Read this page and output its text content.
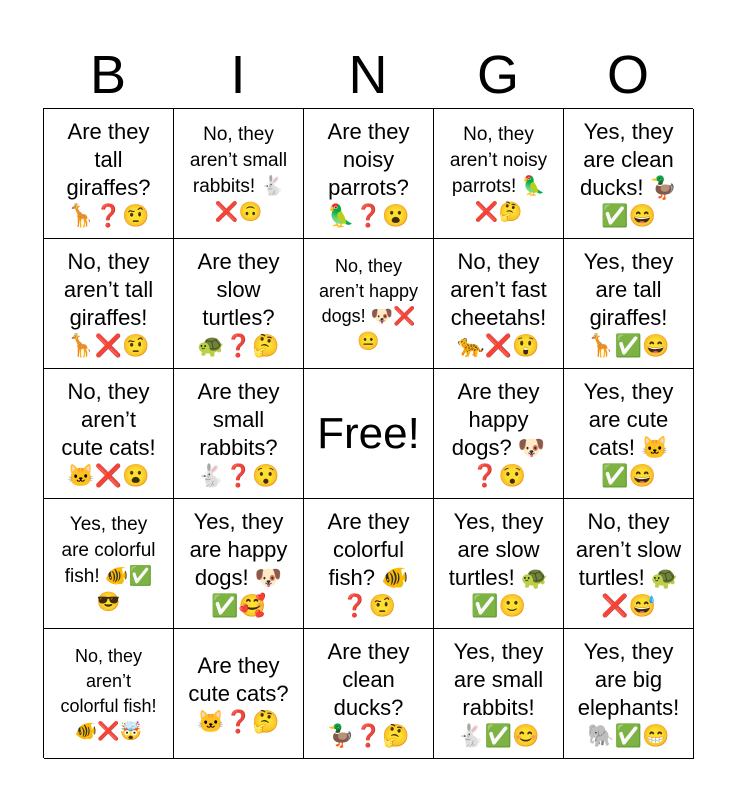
B	I	N	G	O
Are they
tall
giraffes?
🦒❓🤨
No, they
aren’t small
rabbits! 🐇
❌🙃
Are they
noisy
parrots?
🦜❓😮
No, they
aren’t noisy
parrots! 🦜
❌🤔
Yes, they
are clean
ducks! 🦆
✅😄
No, they
aren’t tall
giraffes!
🦒❌🤨
Are they
slow
turtles?
🐢❓🤔
No, they
aren’t happy
dogs! 🐶❌
😐
No, they
aren’t fast
cheetahs!
🐆❌😲
Yes, they
are tall
giraffes!
🦒✅😄
No, they
aren’t
cute cats!
🐱❌😮
Are they
small
rabbits?
🐇❓😯
Free!
Are they
happy
dogs? 🐶
❓😯
Yes, they
are cute
cats! 🐱
✅😄
Yes, they
are colorful
fish! 🐠✅
😎
Yes, they
are happy
dogs! 🐶
✅🥰
Are they
colorful
fish? 🐠
❓🤨
Yes, they
are slow
turtles! 🐢
✅🙂
No, they
aren’t slow
turtles! 🐢
❌😅
No, they
aren’t
colorful fish!
🐠❌🤯
Are they
cute cats?
🐱❓🤔
Are they
clean
ducks?
🦆❓🤔
Yes, they
are small
rabbits!
🐇✅😊
Yes, they
are big
elephants!
🐘✅😁
